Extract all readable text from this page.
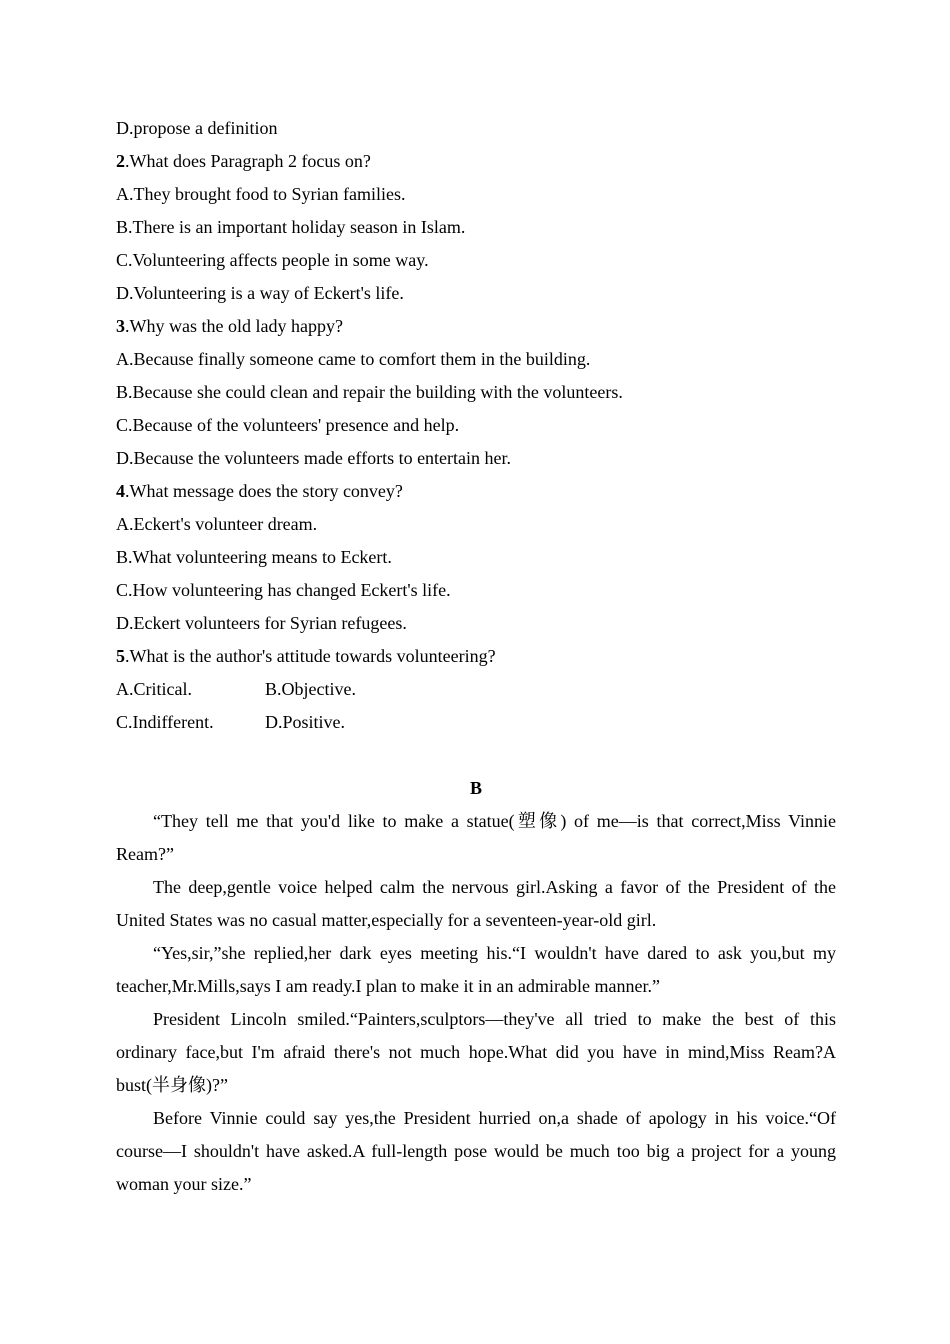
D.propose a definition
2.What does Paragraph 2 focus on?
A.They brought food to Syrian families.
B.There is an important holiday season in Islam.
C.Volunteering affects people in some way.
D.Volunteering is a way of Eckert's life.
3.Why was the old lady happy?
A.Because finally someone came to comfort them in the building.
B.Because she could clean and repair the building with the volunteers.
C.Because of the volunteers' presence and help.
D.Because the volunteers made efforts to entertain her.
4.What message does the story convey?
A.Eckert's volunteer dream.
B.What volunteering means to Eckert.
C.How volunteering has changed Eckert's life.
D.Eckert volunteers for Syrian refugees.
5.What is the author's attitude towards volunteering?
A.Critical.	B.Objective.
C.Indifferent.	D.Positive.
B

“They tell me that you'd like to make a statue(塑像) of me—is that correct,Miss Vinnie Ream?”

The deep,gentle voice helped calm the nervous girl.Asking a favor of the President of the United States was no casual matter,especially for a seventeen-year-old girl.

“Yes,sir,”she replied,her dark eyes meeting his.“I wouldn't have dared to ask you,but my teacher,Mr.Mills,says I am ready.I plan to make it in an admirable manner.”

President Lincoln smiled.“Painters,sculptors—they've all tried to make the best of this ordinary face,but I'm afraid there's not much hope.What did you have in mind,Miss Ream?A bust(半身像)?”

Before Vinnie could say yes,the President hurried on,a shade of apology in his voice.“Of course—I shouldn't have asked.A full-length pose would be much too big a project for a young woman your size.”
